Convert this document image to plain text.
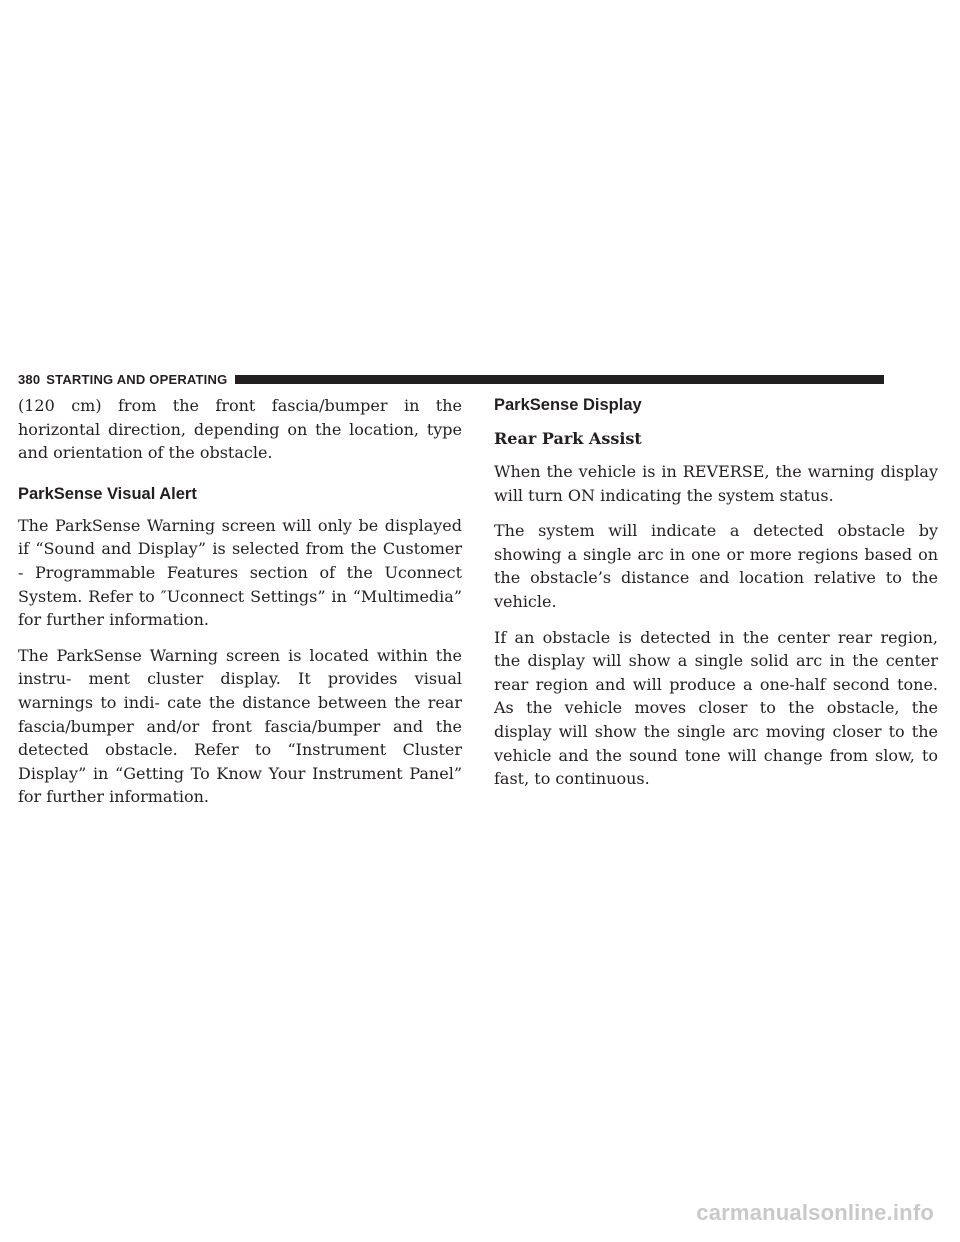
380 STARTING AND OPERATING

(120 cm) from the front fascia/bumper in the horizontal direction, depending on the location, type and orientation of the obstacle.

ParkSense Visual Alert

The ParkSense Warning screen will only be displayed if “Sound and Display” is selected from the Customer - Programmable Features section of the Uconnect System. Refer to ″Uconnect Settings” in “Multimedia” for further information.

The ParkSense Warning screen is located within the instru- ment cluster display. It provides visual warnings to indi- cate the distance between the rear fascia/bumper and/or front fascia/bumper and the detected obstacle. Refer to “Instrument Cluster Display” in “Getting To Know Your Instrument Panel” for further information.

ParkSense Display
Rear Park Assist

When the vehicle is in REVERSE, the warning display will turn ON indicating the system status.

The system will indicate a detected obstacle by showing a single arc in one or more regions based on the obstacle’s distance and location relative to the vehicle.

If an obstacle is detected in the center rear region, the display will show a single solid arc in the center rear region and will produce a one-half second tone. As the vehicle moves closer to the obstacle, the display will show the single arc moving closer to the vehicle and the sound tone will change from slow, to fast, to continuous.

carmanualsonline.info
